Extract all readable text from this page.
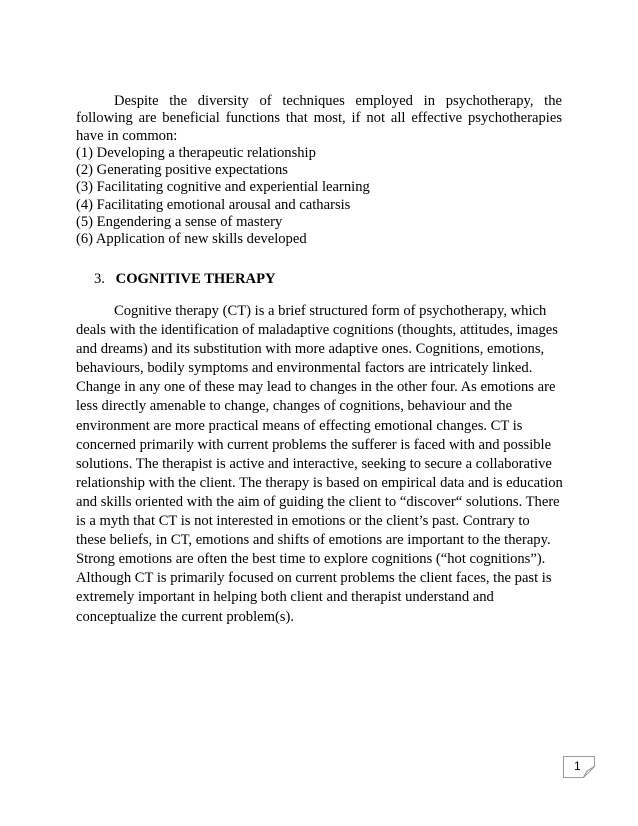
Despite the diversity of techniques employed in psychotherapy, the following are beneficial functions that most, if not all effective psychotherapies have in common:

(1) Developing a therapeutic relationship
(2) Generating positive expectations
(3) Facilitating cognitive and experiential learning
(4) Facilitating emotional arousal and catharsis
(5) Engendering a sense of mastery
(6) Application of new skills developed
3. COGNITIVE THERAPY

Cognitive therapy (CT) is a brief structured form of psychotherapy, which
deals with the identification of maladaptive cognitions (thoughts, attitudes, images
and dreams) and its substitution with more adaptive ones. Cognitions, emotions,
behaviours, bodily symptoms and environmental factors are intricately linked.
Change in any one of these may lead to changes in the other four. As emotions are
less directly amenable to change, changes of cognitions, behaviour and the
environment are more practical means of effecting emotional changes. CT is
concerned primarily with current problems the sufferer is faced with and possible
solutions. The therapist is active and interactive, seeking to secure a collaborative
relationship with the client. The therapy is based on empirical data and is education
and skills oriented with the aim of guiding the client to “discover“ solutions. There
is a myth that CT is not interested in emotions or the client’s past. Contrary to
these beliefs, in CT, emotions and shifts of emotions are important to the therapy.
Strong emotions are often the best time to explore cognitions (“hot cognitions”).
Although CT is primarily focused on current problems the client faces, the past is
extremely important in helping both client and therapist understand and
conceptualize the current problem(s).

1
